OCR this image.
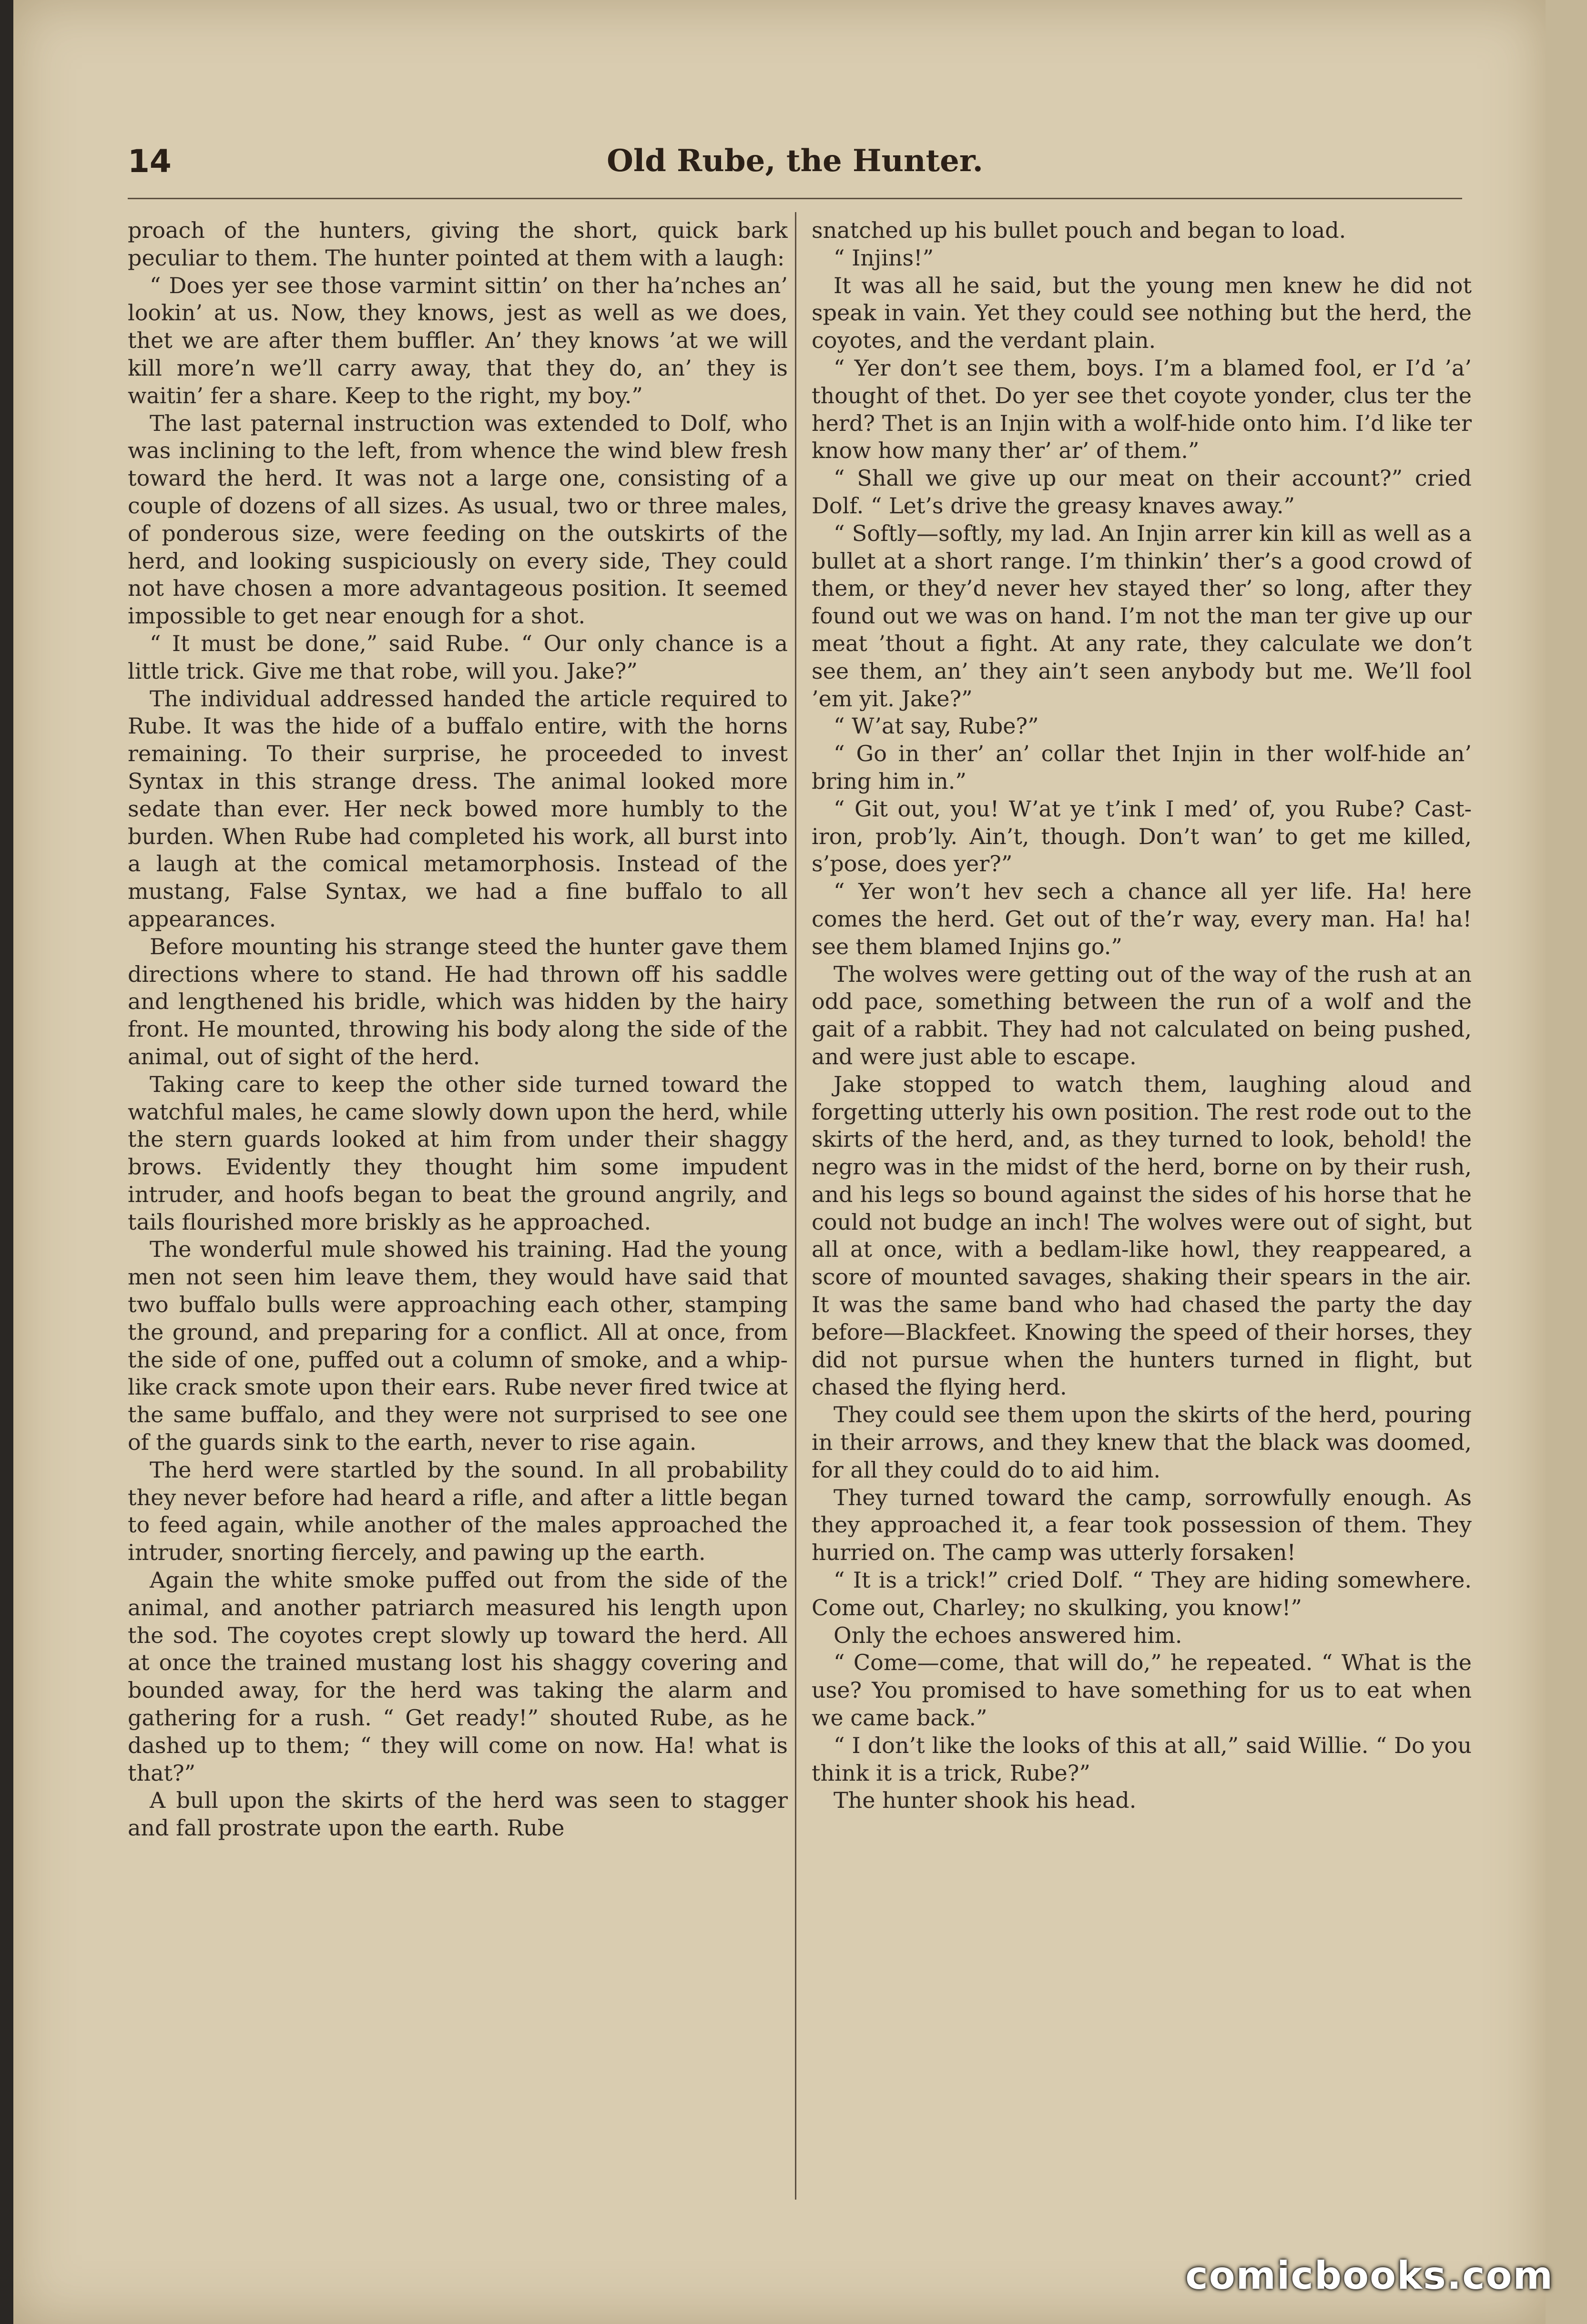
14	Old Rube, the Hunter.

proach of the hunters, giving the short, quick bark peculiar to them. The hunter pointed at them with a laugh:

“ Does yer see those varmint sittin’ on ther ha’nches an’ lookin’ at us. Now, they knows, jest as well as we does, thet we are after them buffler. An’ they knows ’at we will kill more’n we’ll carry away, that they do, an’ they is waitin’ fer a share. Keep to the right, my boy.”

The last paternal instruction was extended to Dolf, who was inclining to the left, from whence the wind blew fresh toward the herd. It was not a large one, consisting of a couple of dozens of all sizes. As usual, two or three males, of ponderous size, were feeding on the outskirts of the herd, and looking suspiciously on every side, They could not have chosen a more advantageous position. It seemed impossible to get near enough for a shot.

“ It must be done,” said Rube. “ Our only chance is a little trick. Give me that robe, will you. Jake?”

The individual addressed handed the article required to Rube. It was the hide of a buffalo entire, with the horns remaining. To their surprise, he proceeded to invest Syntax in this strange dress. The animal looked more sedate than ever. Her neck bowed more humbly to the burden. When Rube had completed his work, all burst into a laugh at the comical metamorphosis. Instead of the mustang, False Syntax, we had a fine buffalo to all appearances.

Before mounting his strange steed the hunter gave them directions where to stand. He had thrown off his saddle and lengthened his bridle, which was hidden by the hairy front. He mounted, throwing his body along the side of the animal, out of sight of the herd.

Taking care to keep the other side turned toward the watchful males, he came slowly down upon the herd, while the stern guards looked at him from under their shaggy brows. Evidently they thought him some impudent intruder, and hoofs began to beat the ground angrily, and tails flourished more briskly as he approached.

The wonderful mule showed his training. Had the young men not seen him leave them, they would have said that two buffalo bulls were approaching each other, stamping the ground, and preparing for a conflict. All at once, from the side of one, puffed out a column of smoke, and a whip-like crack smote upon their ears. Rube never fired twice at the same buffalo, and they were not surprised to see one of the guards sink to the earth, never to rise again.

The herd were startled by the sound. In all probability they never before had heard a rifle, and after a little began to feed again, while another of the males approached the intruder, snorting fiercely, and pawing up the earth.

Again the white smoke puffed out from the side of the animal, and another patriarch measured his length upon the sod. The coyotes crept slowly up toward the herd. All at once the trained mustang lost his shaggy covering and bounded away, for the herd was taking the alarm and gathering for a rush. “ Get ready!” shouted Rube, as he dashed up to them; “ they will come on now. Ha! what is that?”

A bull upon the skirts of the herd was seen to stagger and fall prostrate upon the earth. Rube

snatched up his bullet pouch and began to load.

“ Injins!”

It was all he said, but the young men knew he did not speak in vain. Yet they could see nothing but the herd, the coyotes, and the verdant plain.

“ Yer don’t see them, boys. I’m a blamed fool, er I’d ’a’ thought of thet. Do yer see thet coyote yonder, clus ter the herd? Thet is an Injin with a wolf-hide onto him. I’d like ter know how many ther’ ar’ of them.”

“ Shall we give up our meat on their account?” cried Dolf. “ Let’s drive the greasy knaves away.”

“ Softly—softly, my lad. An Injin arrer kin kill as well as a bullet at a short range. I’m thinkin’ ther’s a good crowd of them, or they’d never hev stayed ther’ so long, after they found out we was on hand. I’m not the man ter give up our meat ’thout a fight. At any rate, they calculate we don’t see them, an’ they ain’t seen anybody but me. We’ll fool ’em yit. Jake?”

“ W’at say, Rube?”

“ Go in ther’ an’ collar thet Injin in ther wolf-hide an’ bring him in.”

“ Git out, you! W’at ye t’ink I med’ of, you Rube? Cast-iron, prob’ly. Ain’t, though. Don’t wan’ to get me killed, s’pose, does yer?”

“ Yer won’t hev sech a chance all yer life. Ha! here comes the herd. Get out of the’r way, every man. Ha! ha! see them blamed Injins go.”

The wolves were getting out of the way of the rush at an odd pace, something between the run of a wolf and the gait of a rabbit. They had not calculated on being pushed, and were just able to escape.

Jake stopped to watch them, laughing aloud and forgetting utterly his own position. The rest rode out to the skirts of the herd, and, as they turned to look, behold! the negro was in the midst of the herd, borne on by their rush, and his legs so bound against the sides of his horse that he could not budge an inch! The wolves were out of sight, but all at once, with a bedlam-like howl, they reappeared, a score of mounted savages, shaking their spears in the air. It was the same band who had chased the party the day before—Blackfeet. Knowing the speed of their horses, they did not pursue when the hunters turned in flight, but chased the flying herd.

They could see them upon the skirts of the herd, pouring in their arrows, and they knew that the black was doomed, for all they could do to aid him.

They turned toward the camp, sorrowfully enough. As they approached it, a fear took possession of them. They hurried on. The camp was utterly forsaken!

“ It is a trick!” cried Dolf. “ They are hiding somewhere. Come out, Charley; no skulking, you know!”

Only the echoes answered him.

“ Come—come, that will do,” he repeated. “ What is the use? You promised to have something for us to eat when we came back.”

“ I don’t like the looks of this at all,” said Willie. “ Do you think it is a trick, Rube?”

The hunter shook his head.

comicbooks.com
